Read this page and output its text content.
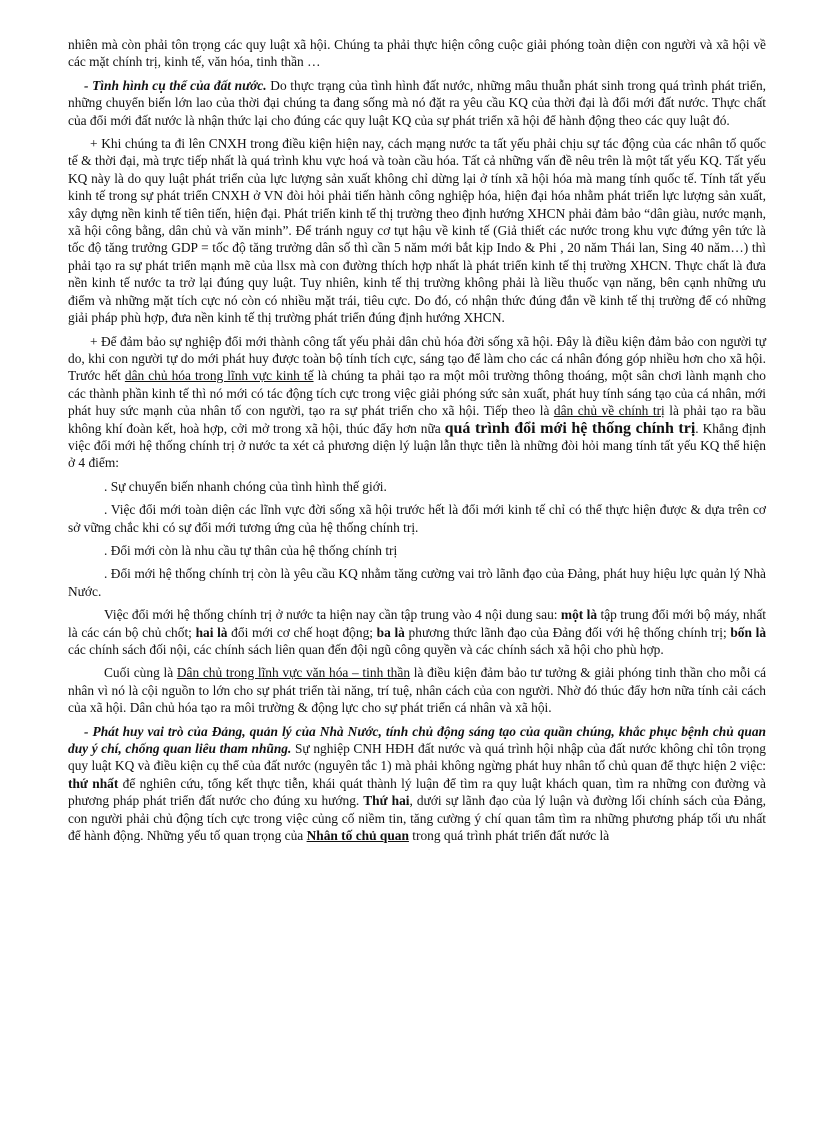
nhiên mà còn phải tôn trọng các quy luật xã hội. Chúng ta phải thực hiện công cuộc giải phóng toàn diện con người và xã hội về các mặt chính trị, kinh tế, văn hóa, tinh thần …

- Tình hình cụ thể của đất nước. Do thực trạng của tình hình đất nước, những mâu thuẫn phát sinh trong quá trình phát triển, những chuyển biến lớn lao của thời đại chúng ta đang sống mà nó đặt ra yêu cầu KQ của thời đại là đổi mới đất nước. Thực chất của đổi mới đất nước là nhận thức lại cho đúng các quy luật KQ của sự phát triển xã hội để hành động theo các quy luật đó.

+ Khi chúng ta đi lên CNXH trong điều kiện hiện nay, cách mạng nước ta tất yếu phải chịu sự tác động của các nhân tố quốc tế & thời đại, mà trực tiếp nhất là quá trình khu vực hoá và toàn cầu hóa. Tất cả những vấn đề nêu trên là một tất yếu KQ. Tất yếu KQ này là do quy luật phát triển của lực lượng sản xuất không chỉ dừng lại ở tính xã hội hóa mà mang tính quốc tế. Tính tất yếu kinh tế trong sự phát triển CNXH ở VN đòi hỏi phải tiến hành công nghiệp hóa, hiện đại hóa nhằm phát triển lực lượng sản xuất, xây dựng nền kinh tế tiên tiến, hiện đại. Phát triển kinh tế thị trường theo định hướng XHCN phải đảm bảo “dân giàu, nước mạnh, xã hội công bằng, dân chủ và văn minh”. Để tránh nguy cơ tụt hậu về kinh tế (Giả thiết các nước trong khu vực đứng yên tức là tốc độ tăng trưởng GDP = tốc độ tăng trưởng dân số thì cần 5 năm mới bắt kịp Indo & Phi , 20 năm Thái lan, Sing 40 năm…) thì phải tạo ra sự phát triển mạnh mẽ của llsx mà con đường thích hợp nhất là phát triển kinh tế thị trường XHCN. Thực chất là đưa nền kinh tế nước ta trở lại đúng quy luật. Tuy nhiên, kinh tế thị trường không phải là liều thuốc vạn năng, bên cạnh những ưu điểm và những mặt tích cực nó còn có nhiều mặt trái, tiêu cực. Do đó, có nhận thức đúng đắn về kinh tế thị trường để có những giải pháp phù hợp, đưa nền kinh tế thị trường phát triển đúng định hướng XHCN.

+ Để đảm bảo sự nghiệp đổi mới thành công tất yếu phải dân chủ hóa đời sống xã hội. Đây là điều kiện đảm bảo con người tự do, khi con người tự do mới phát huy được toàn bộ tính tích cực, sáng tạo để làm cho các cá nhân đóng góp nhiều hơn cho xã hội. Trước hết dân chủ hóa trong lĩnh vực kinh tế là chúng ta phải tạo ra một môi trường thông thoáng, một sân chơi lành mạnh cho các thành phần kinh tế thì nó mới có tác động tích cực trong việc giải phóng sức sản xuất, phát huy tính sáng tạo của cá nhân, mới phát huy sức mạnh của nhân tố con người, tạo ra sự phát triển cho xã hội. Tiếp theo là dân chủ về chính trị là phải tạo ra bầu không khí đoàn kết, hoà hợp, cởi mở trong xã hội, thúc đẩy hơn nữa quá trình đổi mới hệ thống chính trị. Khẳng định việc đổi mới hệ thống chính trị ở nước ta xét cả phương diện lý luận lẫn thực tiễn là những đòi hỏi mang tính tất yếu KQ thể hiện ở 4 điểm:

. Sự chuyển biến nhanh chóng của tình hình thế giới.

. Việc đổi mới toàn diện các lĩnh vực đời sống xã hội trước hết là đổi mới kinh tế chỉ có thể thực hiện được & dựa trên cơ sở vững chắc khi có sự đổi mới tương ứng của hệ thống chính trị.

. Đổi mới còn là nhu cầu tự thân của hệ thống chính trị

. Đổi mới hệ thống chính trị còn là yêu cầu KQ nhằm tăng cường vai trò lãnh đạo của Đảng, phát huy hiệu lực quản lý Nhà Nước.

Việc đổi mới hệ thống chính trị ở nước ta hiện nay cần tập trung vào 4 nội dung sau: một là tập trung đổi mới bộ máy, nhất là các cán bộ chủ chốt; hai là đổi mới cơ chế hoạt động; ba là phương thức lãnh đạo của Đảng đối với hệ thống chính trị; bốn là các chính sách đối nội, các chính sách liên quan đến đội ngũ công quyền và các chính sách xã hội cho phù hợp.

Cuối cùng là Dân chủ trong lĩnh vực văn hóa – tinh thần là điều kiện đảm bảo tư tưởng & giải phóng tinh thần cho mỗi cá nhân vì nó là cội nguồn to lớn cho sự phát triển tài năng, trí tuệ, nhân cách của con người. Nhờ đó thúc đẩy hơn nữa tính cải cách của xã hội. Dân chủ hóa tạo ra môi trường & động lực cho sự phát triển cá nhân và xã hội.

- Phát huy vai trò của Đảng, quản lý của Nhà Nước, tính chủ động sáng tạo của quần chúng, khắc phục bệnh chủ quan duy ý chí, chống quan liêu tham nhũng. Sự nghiệp CNH HĐH đất nước và quá trình hội nhập của đất nước không chỉ tôn trọng quy luật KQ và điều kiện cụ thể của đất nước (nguyên tắc 1) mà phải không ngừng phát huy nhân tố chủ quan để thực hiện 2 việc: thứ nhất để nghiên cứu, tổng kết thực tiễn, khái quát thành lý luận để tìm ra quy luật khách quan, tìm ra những con đường và phương pháp phát triển đất nước cho đúng xu hướng. Thứ hai, dưới sự lãnh đạo của lý luận và đường lối chính sách của Đảng, con người phải chủ động tích cực trong việc củng cố niềm tin, tăng cường ý chí quan tâm tìm ra những phương pháp tối ưu nhất để hành động. Những yếu tố quan trọng của Nhân tố chủ quan trong quá trình phát triển đất nước là
